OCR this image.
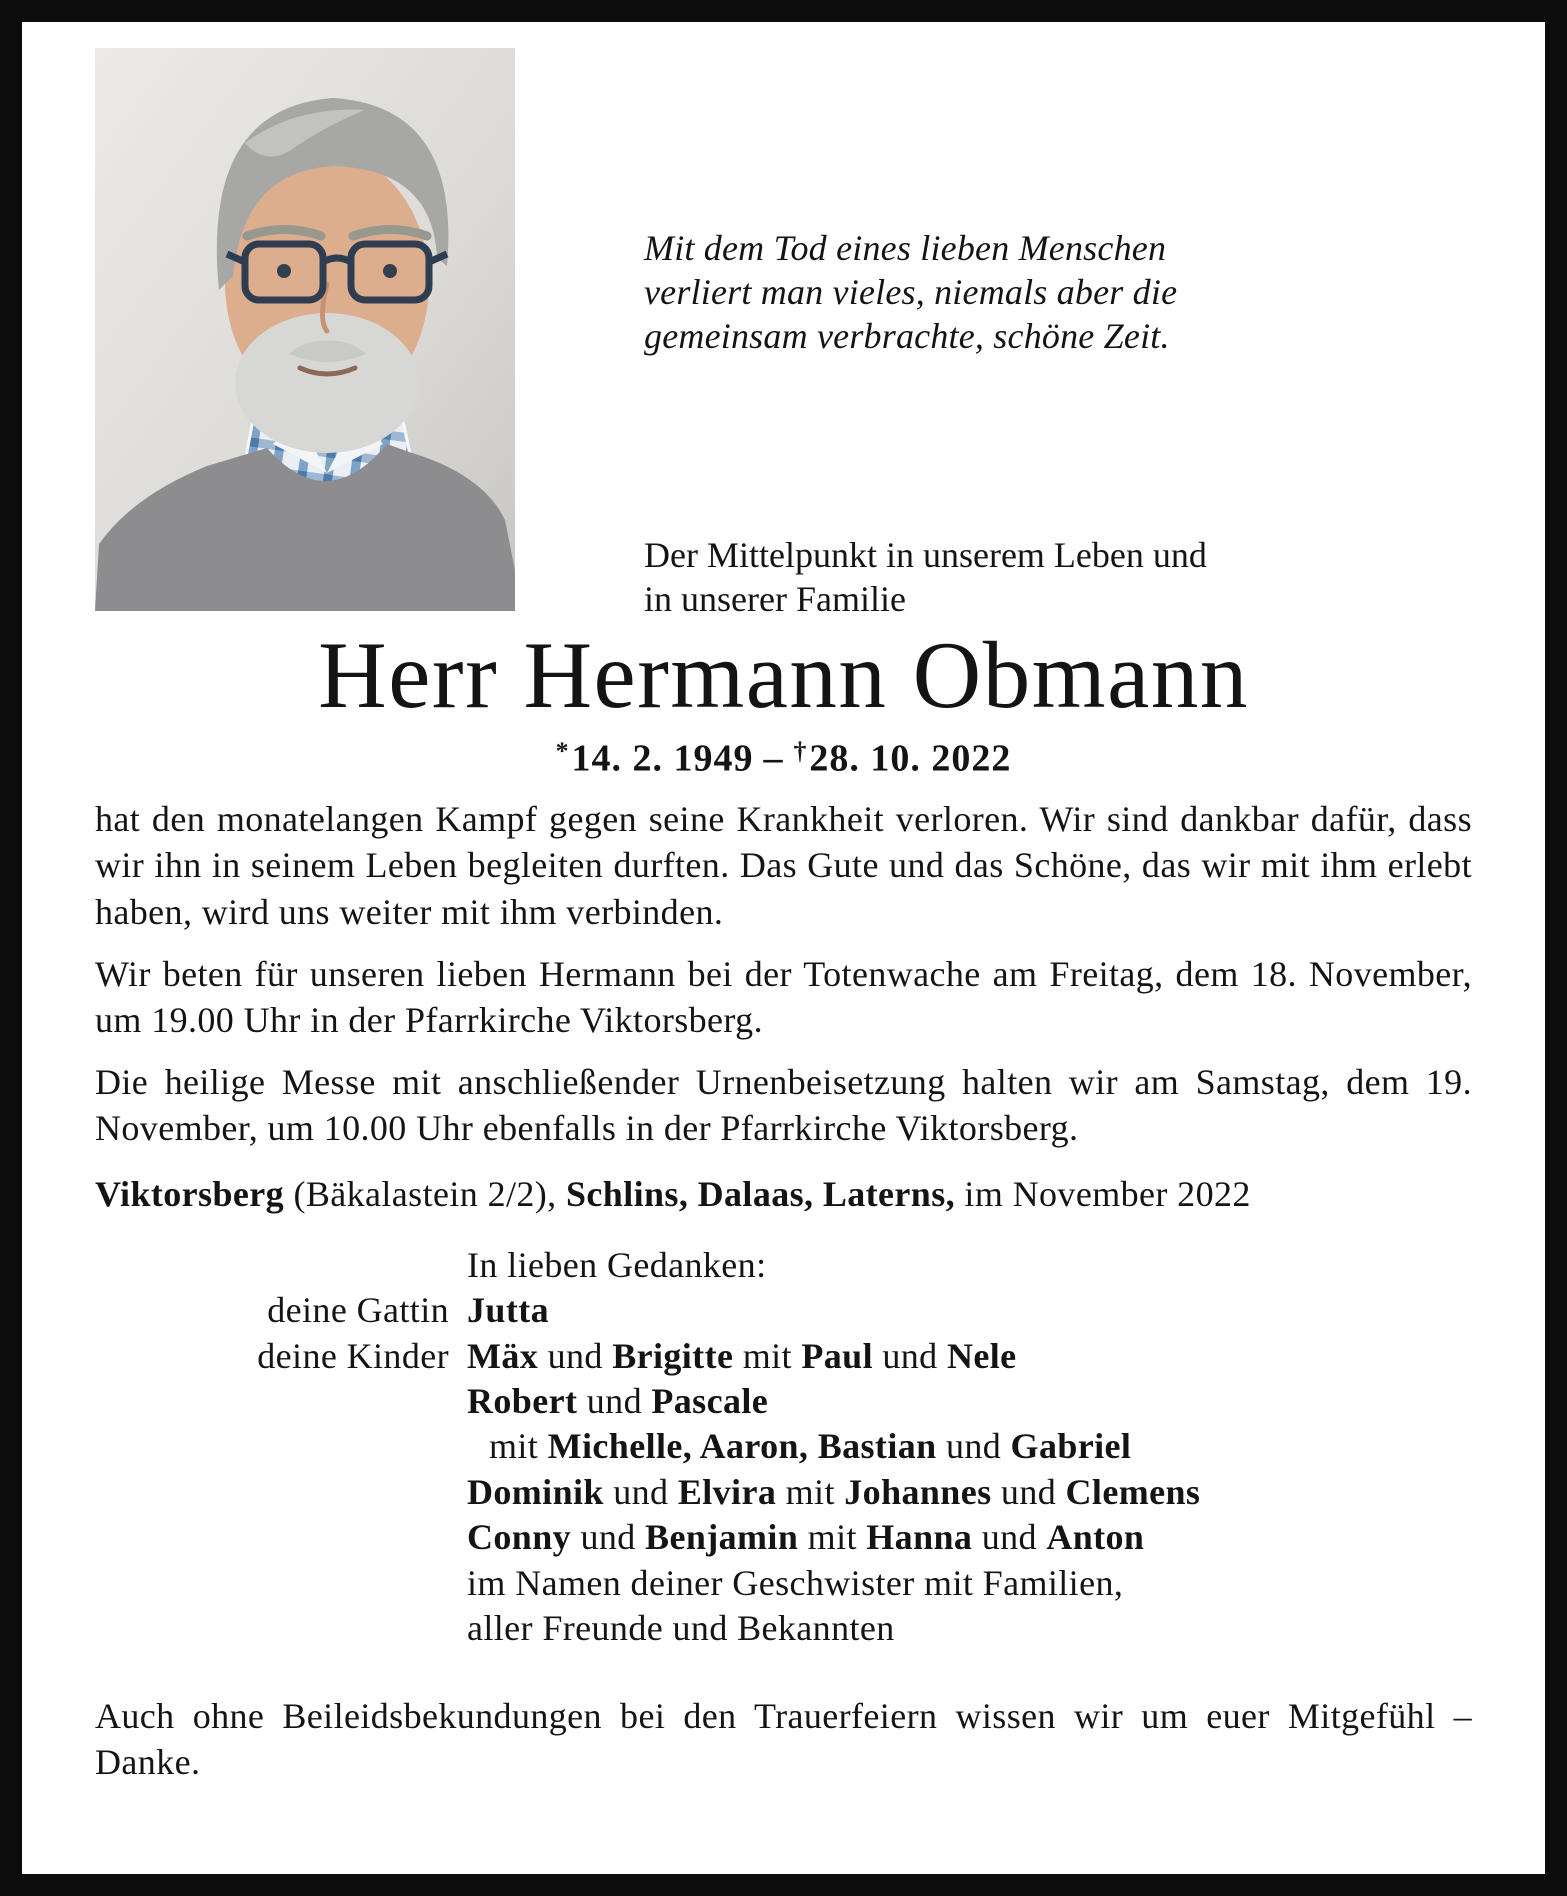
Mit dem Tod eines lieben Menschen
verliert man vieles, niemals aber die
gemeinsam verbrachte, schöne Zeit.
Der Mittelpunkt in unserem Leben und
in unserer Familie
Herr Hermann Obmann
*14. 2. 1949 – †28. 10. 2022

hat den monatelangen Kampf gegen seine Krankheit verloren. Wir sind dankbar dafür, dass wir ihn in seinem Leben begleiten durften. Das Gute und das Schöne, das wir mit ihm erlebt haben, wird uns weiter mit ihm verbinden.

Wir beten für unseren lieben Hermann bei der Totenwache am Freitag, dem 18. November, um 19.00 Uhr in der Pfarrkirche Viktorsberg.

Die heilige Messe mit anschließender Urnenbeisetzung halten wir am Samstag, dem 19. November, um 10.00 Uhr ebenfalls in der Pfarrkirche Viktorsberg.

Viktorsberg (Bäkalastein 2/2), Schlins, Dalaas, Laterns, im November 2022

In lieben Gedanken:
deine Gattin Jutta
deine Kinder Mäx und Brigitte mit Paul und Nele
Robert und Pascale
mit Michelle, Aaron, Bastian und Gabriel
Dominik und Elvira mit Johannes und Clemens
Conny und Benjamin mit Hanna und Anton
im Namen deiner Geschwister mit Familien,
aller Freunde und Bekannten

Auch ohne Beileidsbekundungen bei den Trauerfeiern wissen wir um euer Mitgefühl – Danke.
